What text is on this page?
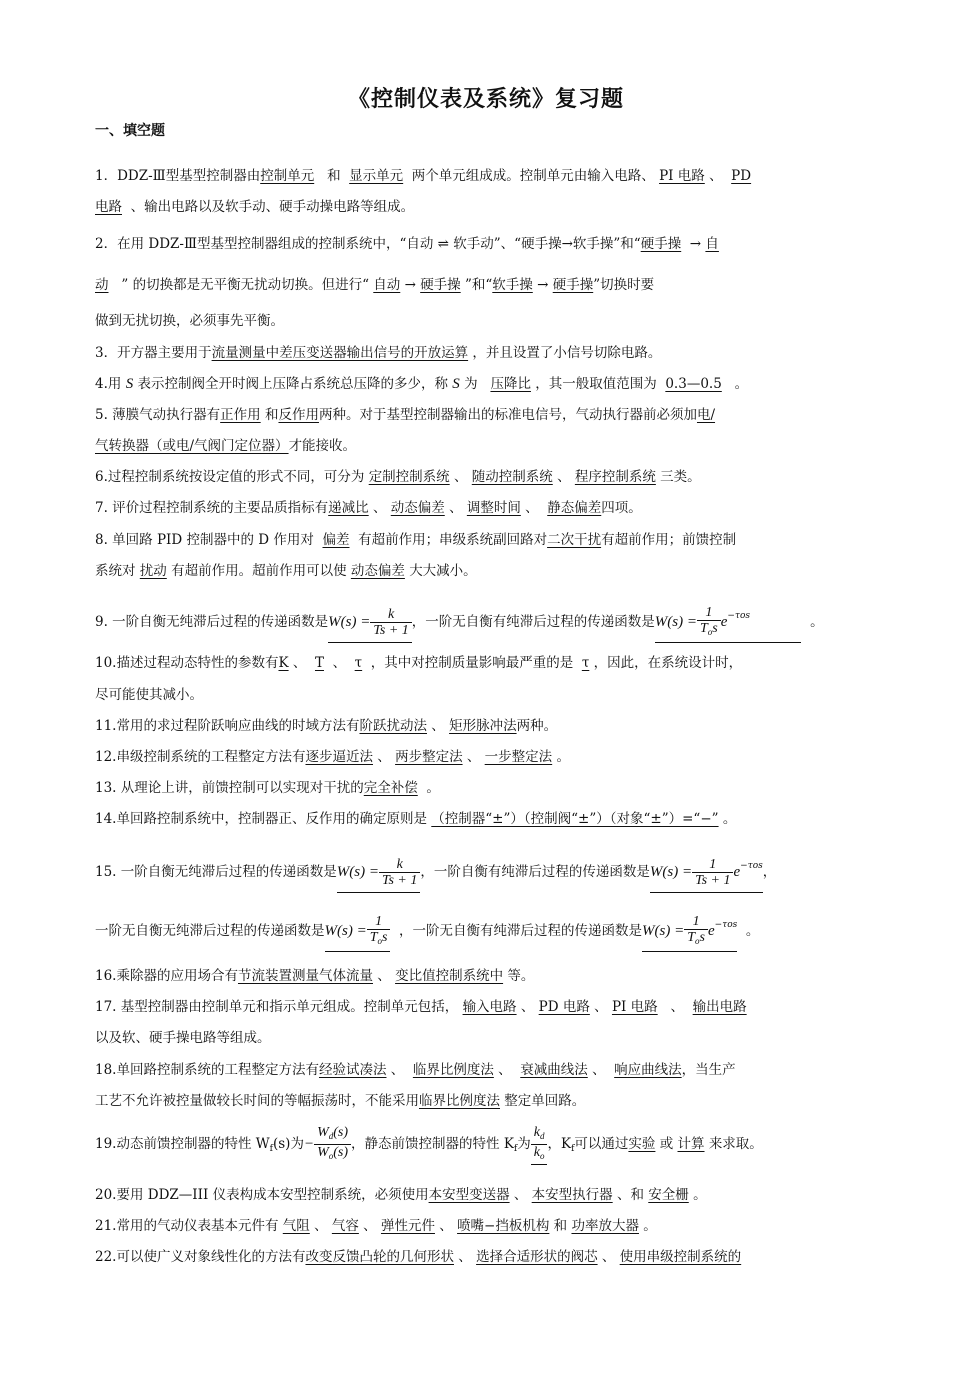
《控制仪表及系统》复习题
一、填空题
1．DDZ-Ⅲ型基型控制器由控制单元 和 显示单元 两个单元组成成。控制单元由输入电路、 PI 电路 、 PD
电路 、输出电路以及软手动、硬手动操电路等组成。
2．在用 DDZ-Ⅲ型基型控制器组成的控制系统中，“自动 ⇌ 软手动”、“硬手操→软手操”和“硬手操 → 自
动 ” 的切换都是无平衡无扰动切换。但进行“ 自动 → 硬手操 ”和“软手操 → 硬手操”切换时要
做到无扰切换，必须事先平衡。
3．开方器主要用于流量测量中差压变送器输出信号的开放运算 ，并且设置了小信号切除电路。
4.用 S 表示控制阀全开时阀上压降占系统总压降的多少，称 S 为 压降比 ，其一般取值范围为 0.3—0.5 。
5. 薄膜气动执行器有正作用 和反作用两种。对于基型控制器输出的标准电信号，气动执行器前必须加电/
气转换器（或电/气阀门定位器）才能接收。
6.过程控制系统按设定值的形式不同，可分为 定制控制系统 、 随动控制系统 、 程序控制系统 三类。
7. 评价过程控制系统的主要品质指标有递减比 、 动态偏差 、 调整时间 、 静态偏差四项。
8. 单回路 PID 控制器中的 D 作用对 偏差 有超前作用；串级系统副回路对二次干扰有超前作用；前馈控制
系统对 扰动 有超前作用。超前作用可以使 动态偏差 大大减小。
9. 一阶自衡无纯滞后过程的传递函数是$W(s) = \frac{k}{Ts + 1}$ ，一阶无自衡有纯滞后过程的传递函数是$W(s) = \frac{1}{T_os} e^{-\tau os}$	。
10.描述过程动态特性的参数有K 、 T 、 τ ，其中对控制质量影响最严重的是 τ ，因此，在系统设计时，
尽可能使其减小。
11.常用的求过程阶跃响应曲线的时域方法有阶跃扰动法 、 矩形脉冲法两种。
12.串级控制系统的工程整定方法有逐步逼近法 、 两步整定法 、 一步整定法 。
13. 从理论上讲，前馈控制可以实现对干扰的完全补偿 。
14.单回路控制系统中，控制器正、反作用的确定原则是 （控制器“±”）（控制阀“±”）（对象“±”）=“−” 。
15. 一阶自衡无纯滞后过程的传递函数是$W(s) = \frac{k}{Ts + 1}$ ，一阶自衡有纯滞后过程的传递函数是$W(s) = \frac{1}{Ts + 1} e^{-\tau os}$，
一阶无自衡无纯滞后过程的传递函数是$W(s) = \frac{1}{T_os}$ ，一阶无自衡有纯滞后过程的传递函数是$W(s) = \frac{1}{T_os} e^{-\tau os}$ 。
16.乘除器的应用场合有节流装置测量气体流量 、 变比值控制系统中 等。
17. 基型控制器由控制单元和指示单元组成。控制单元包括， 输入电路 、 PD 电路 、 PI 电路 、 输出电路
以及软、硬手操电路等组成。
18.单回路控制系统的工程整定方法有经验试凑法 、 临界比例度法 、 衰减曲线法 、 响应曲线法，当生产
工艺不允许被控量做较长时间的等幅振荡时，不能采用临界比例度法 整定单回路。
19.动态前馈控制器的特性 $W_f(s)$为− $\frac{W_d(s)}{W_o(s)}$ ，静态前馈控制器的特性 $K_f$为 $\frac{k_d}{k_o}$ ，$K_f$可以通过实验 或 计算 来求取。
20.要用 DDZ—III 仪表构成本安型控制系统，必须使用本安型变送器 、 本安型执行器 、和 安全栅 。
21.常用的气动仪表基本元件有 气阻 、 气容 、 弹性元件 、 喷嘴−挡板机构 和 功率放大器 。
22.可以使广义对象线性化的方法有改变反馈凸轮的几何形状 、 选择合适形状的阀芯 、 使用串级控制系统的
